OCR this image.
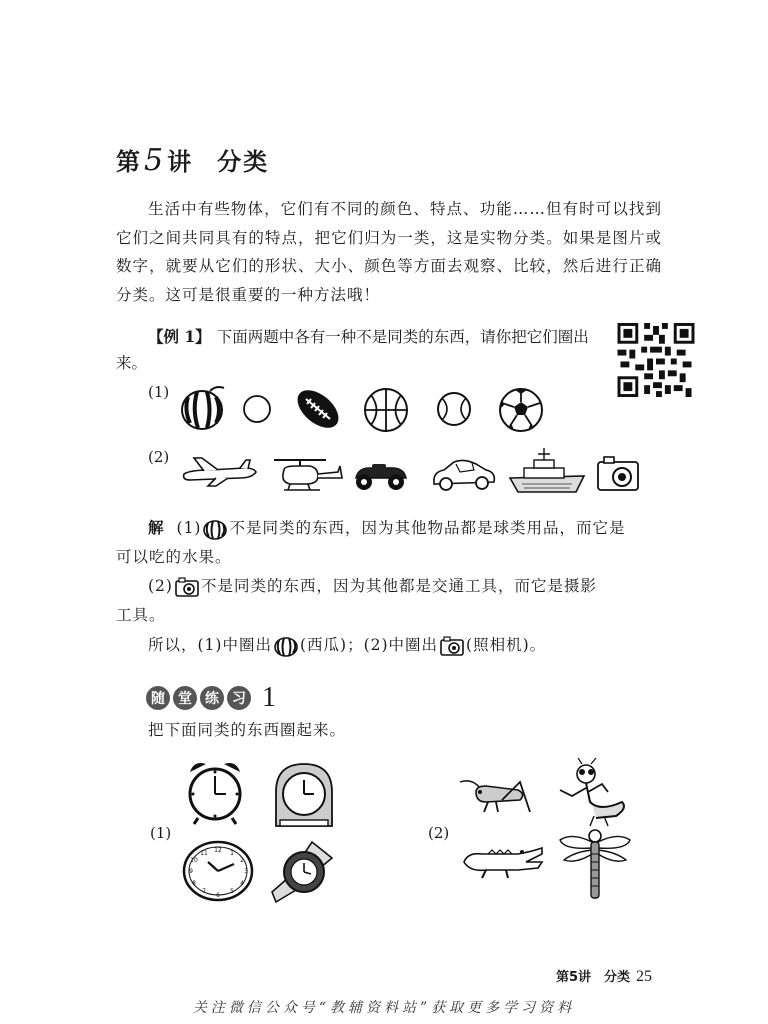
第5讲 分类
生活中有些物体，它们有不同的颜色、特点、功能……但有时可以找到它们之间共同具有的特点，把它们归为一类，这是实物分类。如果是图片或数字，就要从它们的形状、大小、颜色等方面去观察、比较，然后进行正确分类。这可是很重要的一种方法哦！
【例 1】 下面两题中各有一种不是同类的东西，请你把它们圈出来。
(1)
(2)
解 (1) 不是同类的东西，因为其他物品都是球类用品，而它是
可以吃的水果。
(2) 不是同类的东西，因为其他都是交通工具，而它是摄影
工具。
所以，(1)中圈出 (西瓜)；(2)中圈出 (照相机)。
随 堂 练 习 1
把下面同类的东西圈起来。
(1)
12
3
6
9
1
2
4
5
7
8
10
11
(2)
第5讲　分类 25
关注微信公众号“教辅资料站”获取更多学习资料
